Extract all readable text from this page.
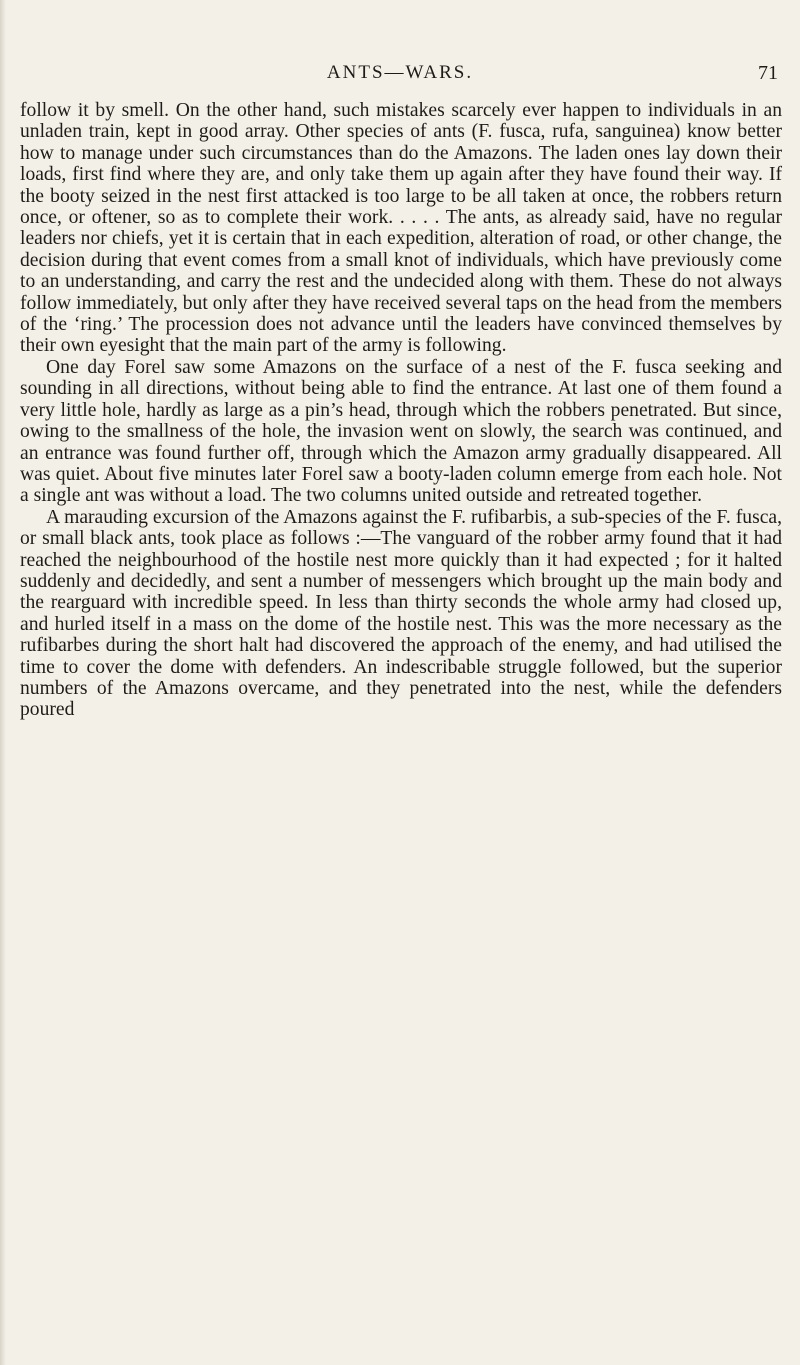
ANTS—WARS.	71

follow it by smell. On the other hand, such mistakes scarcely ever happen to individuals in an unladen train, kept in good array. Other species of ants (F. fusca, rufa, sanguinea) know better how to manage under such circumstances than do the Amazons. The laden ones lay down their loads, first find where they are, and only take them up again after they have found their way. If the booty seized in the nest first attacked is too large to be all taken at once, the robbers return once, or oftener, so as to complete their work. . . . . The ants, as already said, have no regular leaders nor chiefs, yet it is certain that in each expedition, alteration of road, or other change, the decision during that event comes from a small knot of individuals, which have previously come to an understanding, and carry the rest and the undecided along with them. These do not always follow immediately, but only after they have received several taps on the head from the members of the ‘ring.’ The procession does not advance until the leaders have convinced themselves by their own eyesight that the main part of the army is following.

One day Forel saw some Amazons on the surface of a nest of the F. fusca seeking and sounding in all directions, without being able to find the entrance. At last one of them found a very little hole, hardly as large as a pin’s head, through which the robbers penetrated. But since, owing to the smallness of the hole, the invasion went on slowly, the search was continued, and an entrance was found further off, through which the Amazon army gradually disappeared. All was quiet. About five minutes later Forel saw a booty-laden column emerge from each hole. Not a single ant was without a load. The two columns united outside and retreated together.

A marauding excursion of the Amazons against the F. rufibarbis, a sub-species of the F. fusca, or small black ants, took place as follows :—The vanguard of the robber army found that it had reached the neighbourhood of the hostile nest more quickly than it had expected ; for it halted suddenly and decidedly, and sent a number of messengers which brought up the main body and the rearguard with incredible speed. In less than thirty seconds the whole army had closed up, and hurled itself in a mass on the dome of the hostile nest. This was the more necessary as the rufibarbes during the short halt had discovered the approach of the enemy, and had utilised the time to cover the dome with defenders. An indescribable struggle followed, but the superior numbers of the Amazons overcame, and they penetrated into the nest, while the defenders poured
